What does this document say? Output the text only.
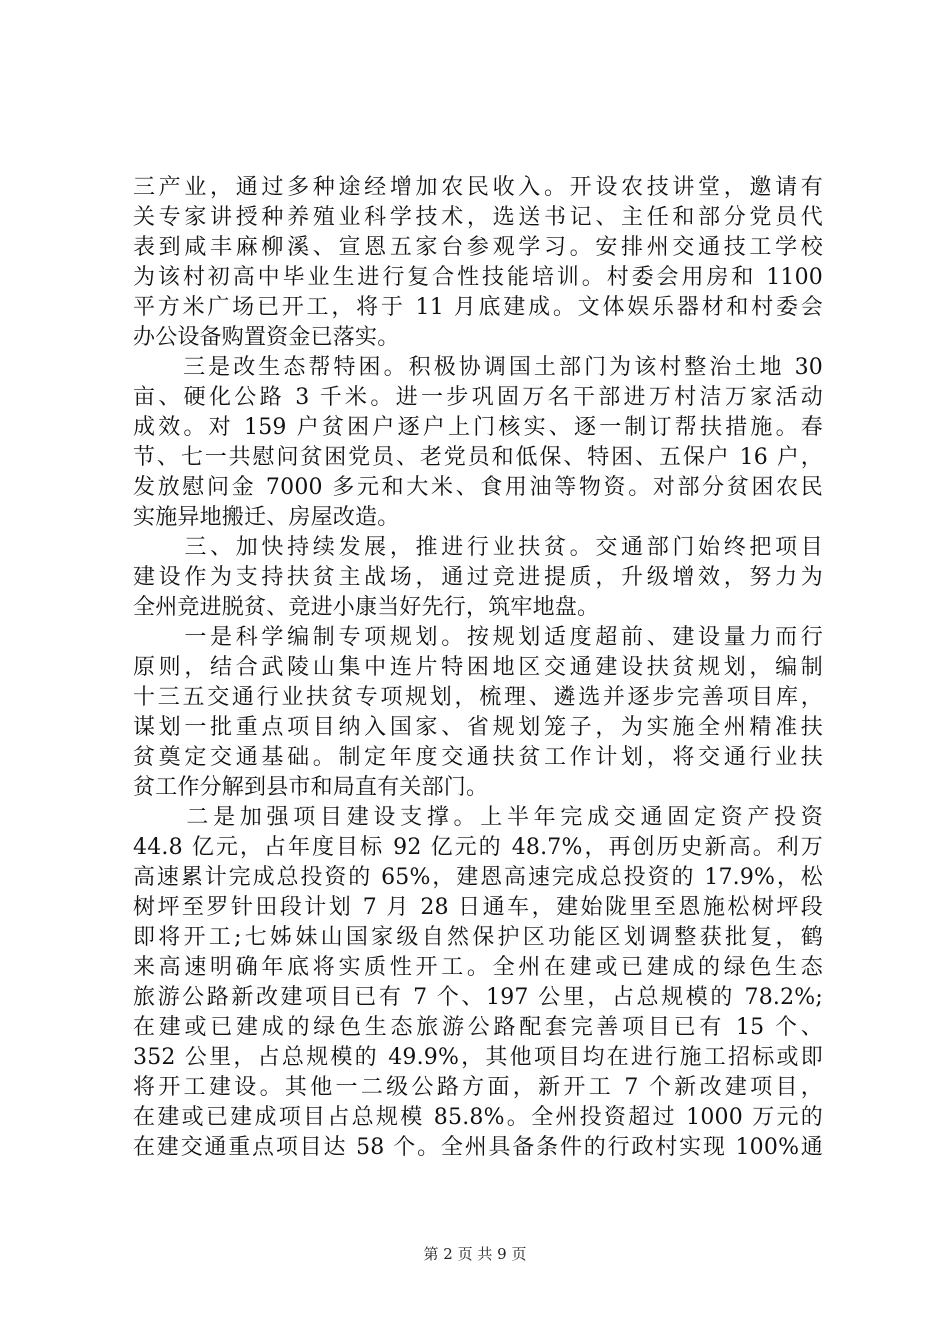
三产业，通过多种途经增加农民收入。开设农技讲堂，邀请有
关专家讲授种养殖业科学技术，选送书记、主任和部分党员代
表到咸丰麻柳溪、宣恩五家台参观学习。安排州交通技工学校
为该村初高中毕业生进行复合性技能培训。村委会用房和 1100
平方米广场已开工，将于 11 月底建成。文体娱乐器材和村委会
办公设备购置资金已落实。
　　三是改生态帮特困。积极协调国土部门为该村整治土地 30
亩、硬化公路 3 千米。进一步巩固万名干部进万村洁万家活动
成效。对 159 户贫困户逐户上门核实、逐一制订帮扶措施。春
节、七一共慰问贫困党员、老党员和低保、特困、五保户 16 户，
发放慰问金 7000 多元和大米、食用油等物资。对部分贫困农民
实施异地搬迁、房屋改造。
　　三、加快持续发展，推进行业扶贫。交通部门始终把项目
建设作为支持扶贫主战场，通过竞进提质，升级增效，努力为
全州竞进脱贫、竞进小康当好先行，筑牢地盘。
　　一是科学编制专项规划。按规划适度超前、建设量力而行
原则，结合武陵山集中连片特困地区交通建设扶贫规划，编制
十三五交通行业扶贫专项规划，梳理、遴选并逐步完善项目库，
谋划一批重点项目纳入国家、省规划笼子，为实施全州精准扶
贫奠定交通基础。制定年度交通扶贫工作计划，将交通行业扶
贫工作分解到县市和局直有关部门。
　　二是加强项目建设支撑。上半年完成交通固定资产投资
44.8 亿元，占年度目标 92 亿元的 48.7%，再创历史新高。利万
高速累计完成总投资的 65%，建恩高速完成总投资的 17.9%，松
树坪至罗针田段计划 7 月 28 日通车，建始陇里至恩施松树坪段
即将开工;七姊妹山国家级自然保护区功能区划调整获批复，鹤
来高速明确年底将实质性开工。全州在建或已建成的绿色生态
旅游公路新改建项目已有 7 个、197 公里，占总规模的 78.2%;
在建或已建成的绿色生态旅游公路配套完善项目已有 15 个、
352 公里，占总规模的 49.9%，其他项目均在进行施工招标或即
将开工建设。其他一二级公路方面，新开工 7 个新改建项目，
在建或已建成项目占总规模 85.8%。全州投资超过 1000 万元的
在建交通重点项目达 58 个。全州具备条件的行政村实现 100%通
第 2 页 共 9 页
